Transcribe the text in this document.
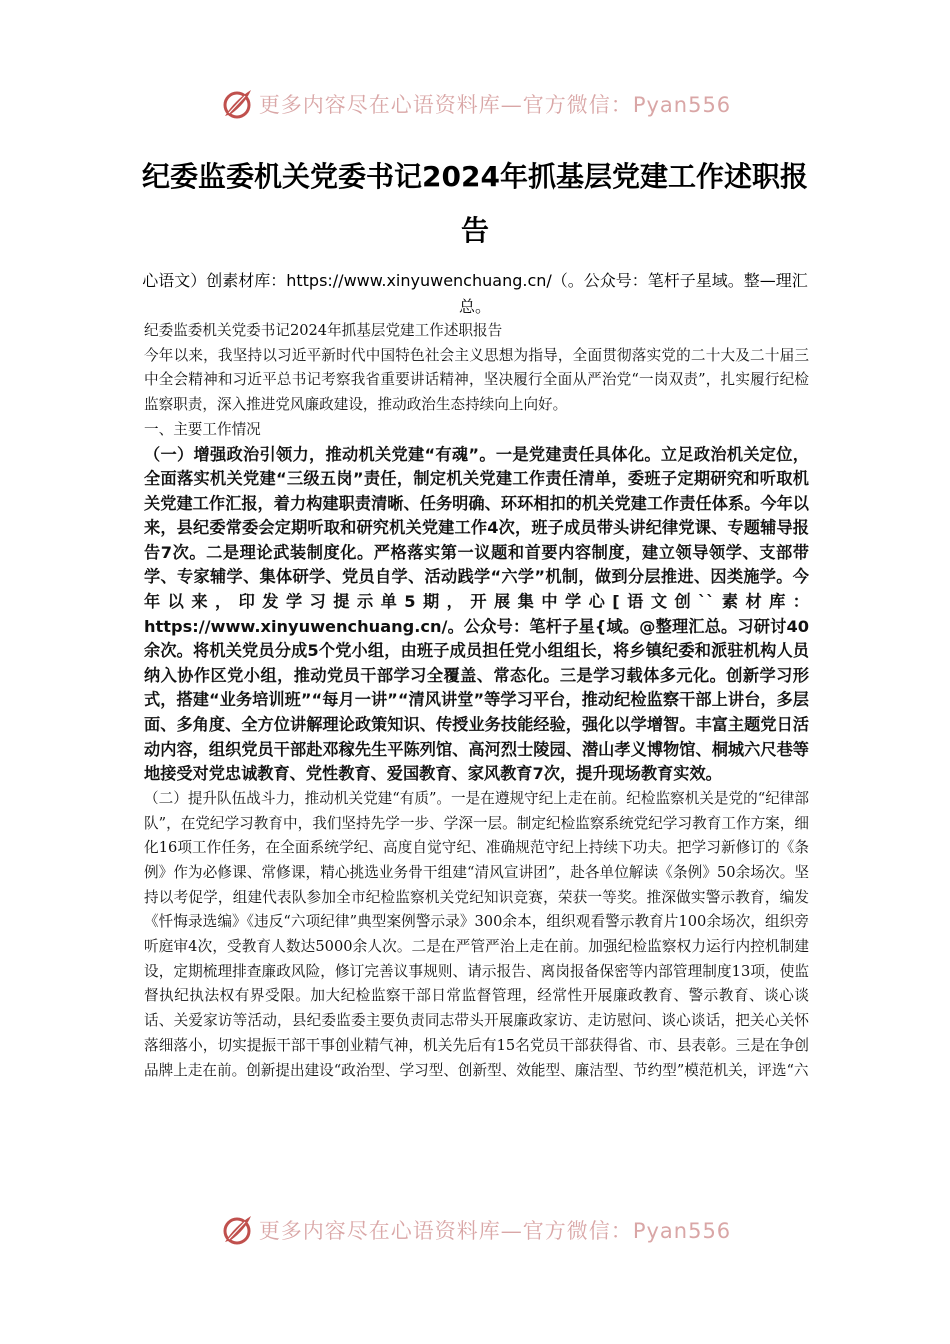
更多内容尽在心语资料库—官方微信：Pyan556
纪委监委机关党委书记2024年抓基层党建工作述职报告
心语文）创素材库：https://www.xinyuwenchuang.cn/（。公众号：笔杆子星域。整—理汇总。

纪委监委机关党委书记2024年抓基层党建工作述职报告

今年以来，我坚持以习近平新时代中国特色社会主义思想为指导，全面贯彻落实党的二十大及二十届三中全会精神和习近平总书记考察我省重要讲话精神，坚决履行全面从严治党“一岗双责”，扎实履行纪检监察职责，深入推进党风廉政建设，推动政治生态持续向上向好。

一、主要工作情况

（一）增强政治引领力，推动机关党建“有魂”。一是党建责任具体化。立足政治机关定位，全面落实机关党建“三级五岗”责任，制定机关党建工作责任清单，委班子定期研究和听取机关党建工作汇报，着力构建职责清晰、任务明确、环环相扣的机关党建工作责任体系。今年以来，县纪委常委会定期听取和研究机关党建工作4次，班子成员带头讲纪律党课、专题辅导报告7次。二是理论武装制度化。严格落实第一议题和首要内容制度，建立领导领学、支部带学、专家辅学、集体研学、党员自学、活动践学“六学”机制，做到分层推进、因类施学。今年以来，印发学习提示单5期，开展集中学心[语文创``素材库：https://www.xinyuwenchuang.cn/。公众号：笔杆子星{域。@整理汇总。习研讨40余次。将机关党员分成5个党小组，由班子成员担任党小组组长，将乡镇纪委和派驻机构人员纳入协作区党小组，推动党员干部学习全覆盖、常态化。三是学习载体多元化。创新学习形式，搭建“业务培训班”“每月一讲”“清风讲堂”等学习平台，推动纪检监察干部上讲台，多层面、多角度、全方位讲解理论政策知识、传授业务技能经验，强化以学增智。丰富主题党日活动内容，组织党员干部赴邓稼先生平陈列馆、高河烈士陵园、潜山孝义博物馆、桐城六尺巷等地接受对党忠诚教育、党性教育、爱国教育、家风教育7次，提升现场教育实效。

（二）提升队伍战斗力，推动机关党建“有质”。一是在遵规守纪上走在前。纪检监察机关是党的“纪律部队”，在党纪学习教育中，我们坚持先学一步、学深一层。制定纪检监察系统党纪学习教育工作方案，细化16项工作任务，在全面系统学纪、高度自觉守纪、准确规范守纪上持续下功夫。把学习新修订的《条例》作为必修课、常修课，精心挑选业务骨干组建“清风宣讲团”，赴各单位解读《条例》50余场次。坚持以考促学，组建代表队参加全市纪检监察机关党纪知识竞赛，荣获一等奖。推深做实警示教育，编发《忏悔录选编》《违反“六项纪律”典型案例警示录》300余本，组织观看警示教育片100余场次，组织旁听庭审4次，受教育人数达5000余人次。二是在严管严治上走在前。加强纪检监察权力运行内控机制建设，定期梳理排查廉政风险，修订完善议事规则、请示报告、离岗报备保密等内部管理制度13项，使监督执纪执法权有界受限。加大纪检监察干部日常监督管理，经常性开展廉政教育、警示教育、谈心谈话、关爱家访等活动，县纪委监委主要负责同志带头开展廉政家访、走访慰问、谈心谈话，把关心关怀落细落小，切实提振干部干事创业精气神，机关先后有15名党员干部获得省、市、县表彰。三是在争创品牌上走在前。创新提出建设“政治型、学习型、创新型、效能型、廉洁型、节约型”模范机关，评选“六

更多内容尽在心语资料库—官方微信：Pyan556
